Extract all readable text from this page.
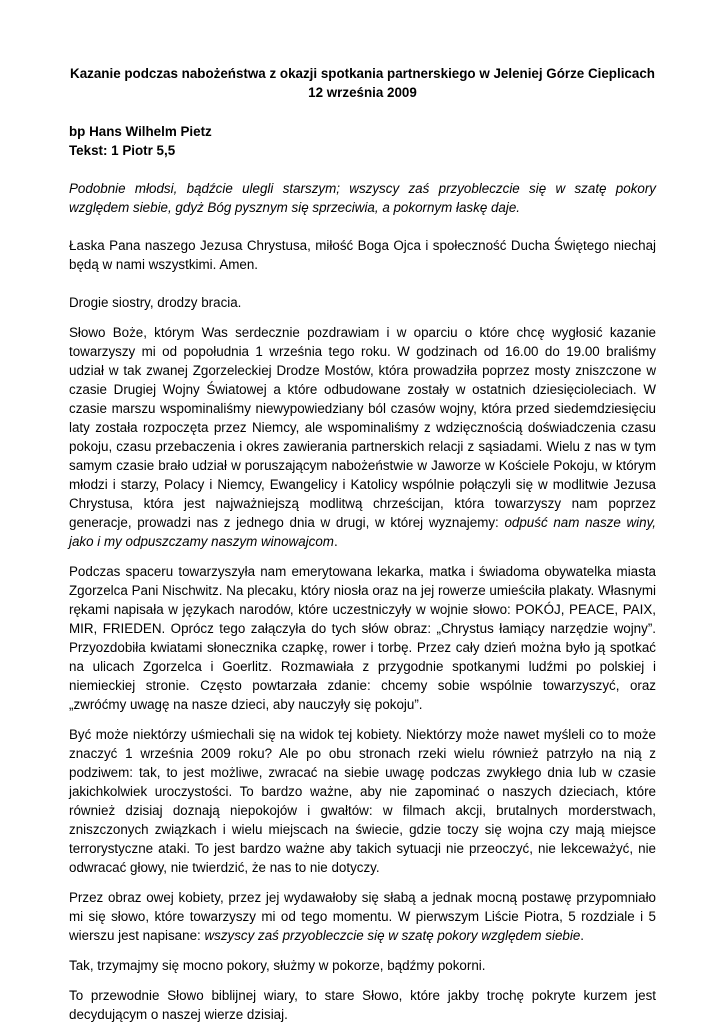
Kazanie podczas nabożeństwa z okazji spotkania partnerskiego w Jeleniej Górze Cieplicach
12 września 2009
bp Hans Wilhelm Pietz
Tekst: 1 Piotr 5,5

Podobnie młodsi, bądźcie ulegli starszym; wszyscy zaś przyobleczcie się w szatę pokory względem siebie, gdyż Bóg pysznym się sprzeciwia, a pokornym łaskę daje.

Łaska Pana naszego Jezusa Chrystusa, miłość Boga Ojca i społeczność Ducha Świętego niechaj będą w nami wszystkimi. Amen.

Drogie siostry, drodzy bracia.

Słowo Boże, którym Was serdecznie pozdrawiam i w oparciu o które chcę wygłosić kazanie towarzyszy mi od popołudnia 1 września tego roku. W godzinach od 16.00 do 19.00 braliśmy udział w tak zwanej Zgorzeleckiej Drodze Mostów, która prowadziła poprzez mosty zniszczone w czasie Drugiej Wojny Światowej a które odbudowane zostały w ostatnich dziesięcioleciach. W czasie marszu wspominaliśmy niewypowiedziany ból czasów wojny, która przed siedemdziesięciu laty została rozpoczęta przez Niemcy, ale wspominaliśmy z wdzięcznością doświadczenia czasu pokoju, czasu przebaczenia i okres zawierania partnerskich relacji z sąsiadami. Wielu z nas w tym samym czasie brało udział w poruszającym nabożeństwie w Jaworze w Kościele Pokoju, w którym młodzi i starzy, Polacy i Niemcy, Ewangelicy i Katolicy wspólnie połączyli się w modlitwie Jezusa Chrystusa, która jest najważniejszą modlitwą chrześcijan, która towarzyszy nam poprzez generacje, prowadzi nas z jednego dnia w drugi, w której wyznajemy: odpuść nam nasze winy, jako i my odpuszczamy naszym winowajcom.

Podczas spaceru towarzyszyła nam emerytowana lekarka, matka i świadoma obywatelka miasta Zgorzelca Pani Nischwitz. Na plecaku, który niosła oraz na jej rowerze umieściła plakaty. Własnymi rękami napisała w językach narodów, które uczestniczyły w wojnie słowo: POKÓJ, PEACE, PAIX, MIR, FRIEDEN. Oprócz tego załączyła do tych słów obraz: „Chrystus łamiący narzędzie wojny”. Przyozdobiła kwiatami słonecznika czapkę, rower i torbę. Przez cały dzień można było ją spotkać na ulicach Zgorzelca i Goerlitz. Rozmawiała z przygodnie spotkanymi ludźmi po polskiej i niemieckiej stronie. Często powtarzała zdanie: chcemy sobie wspólnie towarzyszyć, oraz „zwróćmy uwagę na nasze dzieci, aby nauczyły się pokoju”.

Być może niektórzy uśmiechali się na widok tej kobiety. Niektórzy może nawet myśleli co to może znaczyć 1 września 2009 roku? Ale po obu stronach rzeki wielu również patrzyło na nią z podziwem: tak, to jest możliwe, zwracać na siebie uwagę podczas zwykłego dnia lub w czasie jakichkolwiek uroczystości. To bardzo ważne, aby nie zapominać o naszych dzieciach, które również dzisiaj doznają niepokojów i gwałtów: w filmach akcji, brutalnych morderstwach, zniszczonych związkach i wielu miejscach na świecie, gdzie toczy się wojna czy mają miejsce terrorystyczne ataki. To jest bardzo ważne aby takich sytuacji nie przeoczyć, nie lekceważyć, nie odwracać głowy, nie twierdzić, że nas to nie dotyczy.

Przez obraz owej kobiety, przez jej wydawałoby się słabą a jednak mocną postawę przypomniało mi się słowo, które towarzyszy mi od tego momentu. W pierwszym Liście Piotra, 5 rozdziale i 5 wierszu jest napisane: wszyscy zaś przyobleczcie się w szatę pokory względem siebie.

Tak, trzymajmy się mocno pokory, służmy w pokorze, bądźmy pokorni.

To przewodnie Słowo biblijnej wiary, to stare Słowo, które jakby trochę pokryte kurzem jest decydującym o naszej wierze dzisiaj.
